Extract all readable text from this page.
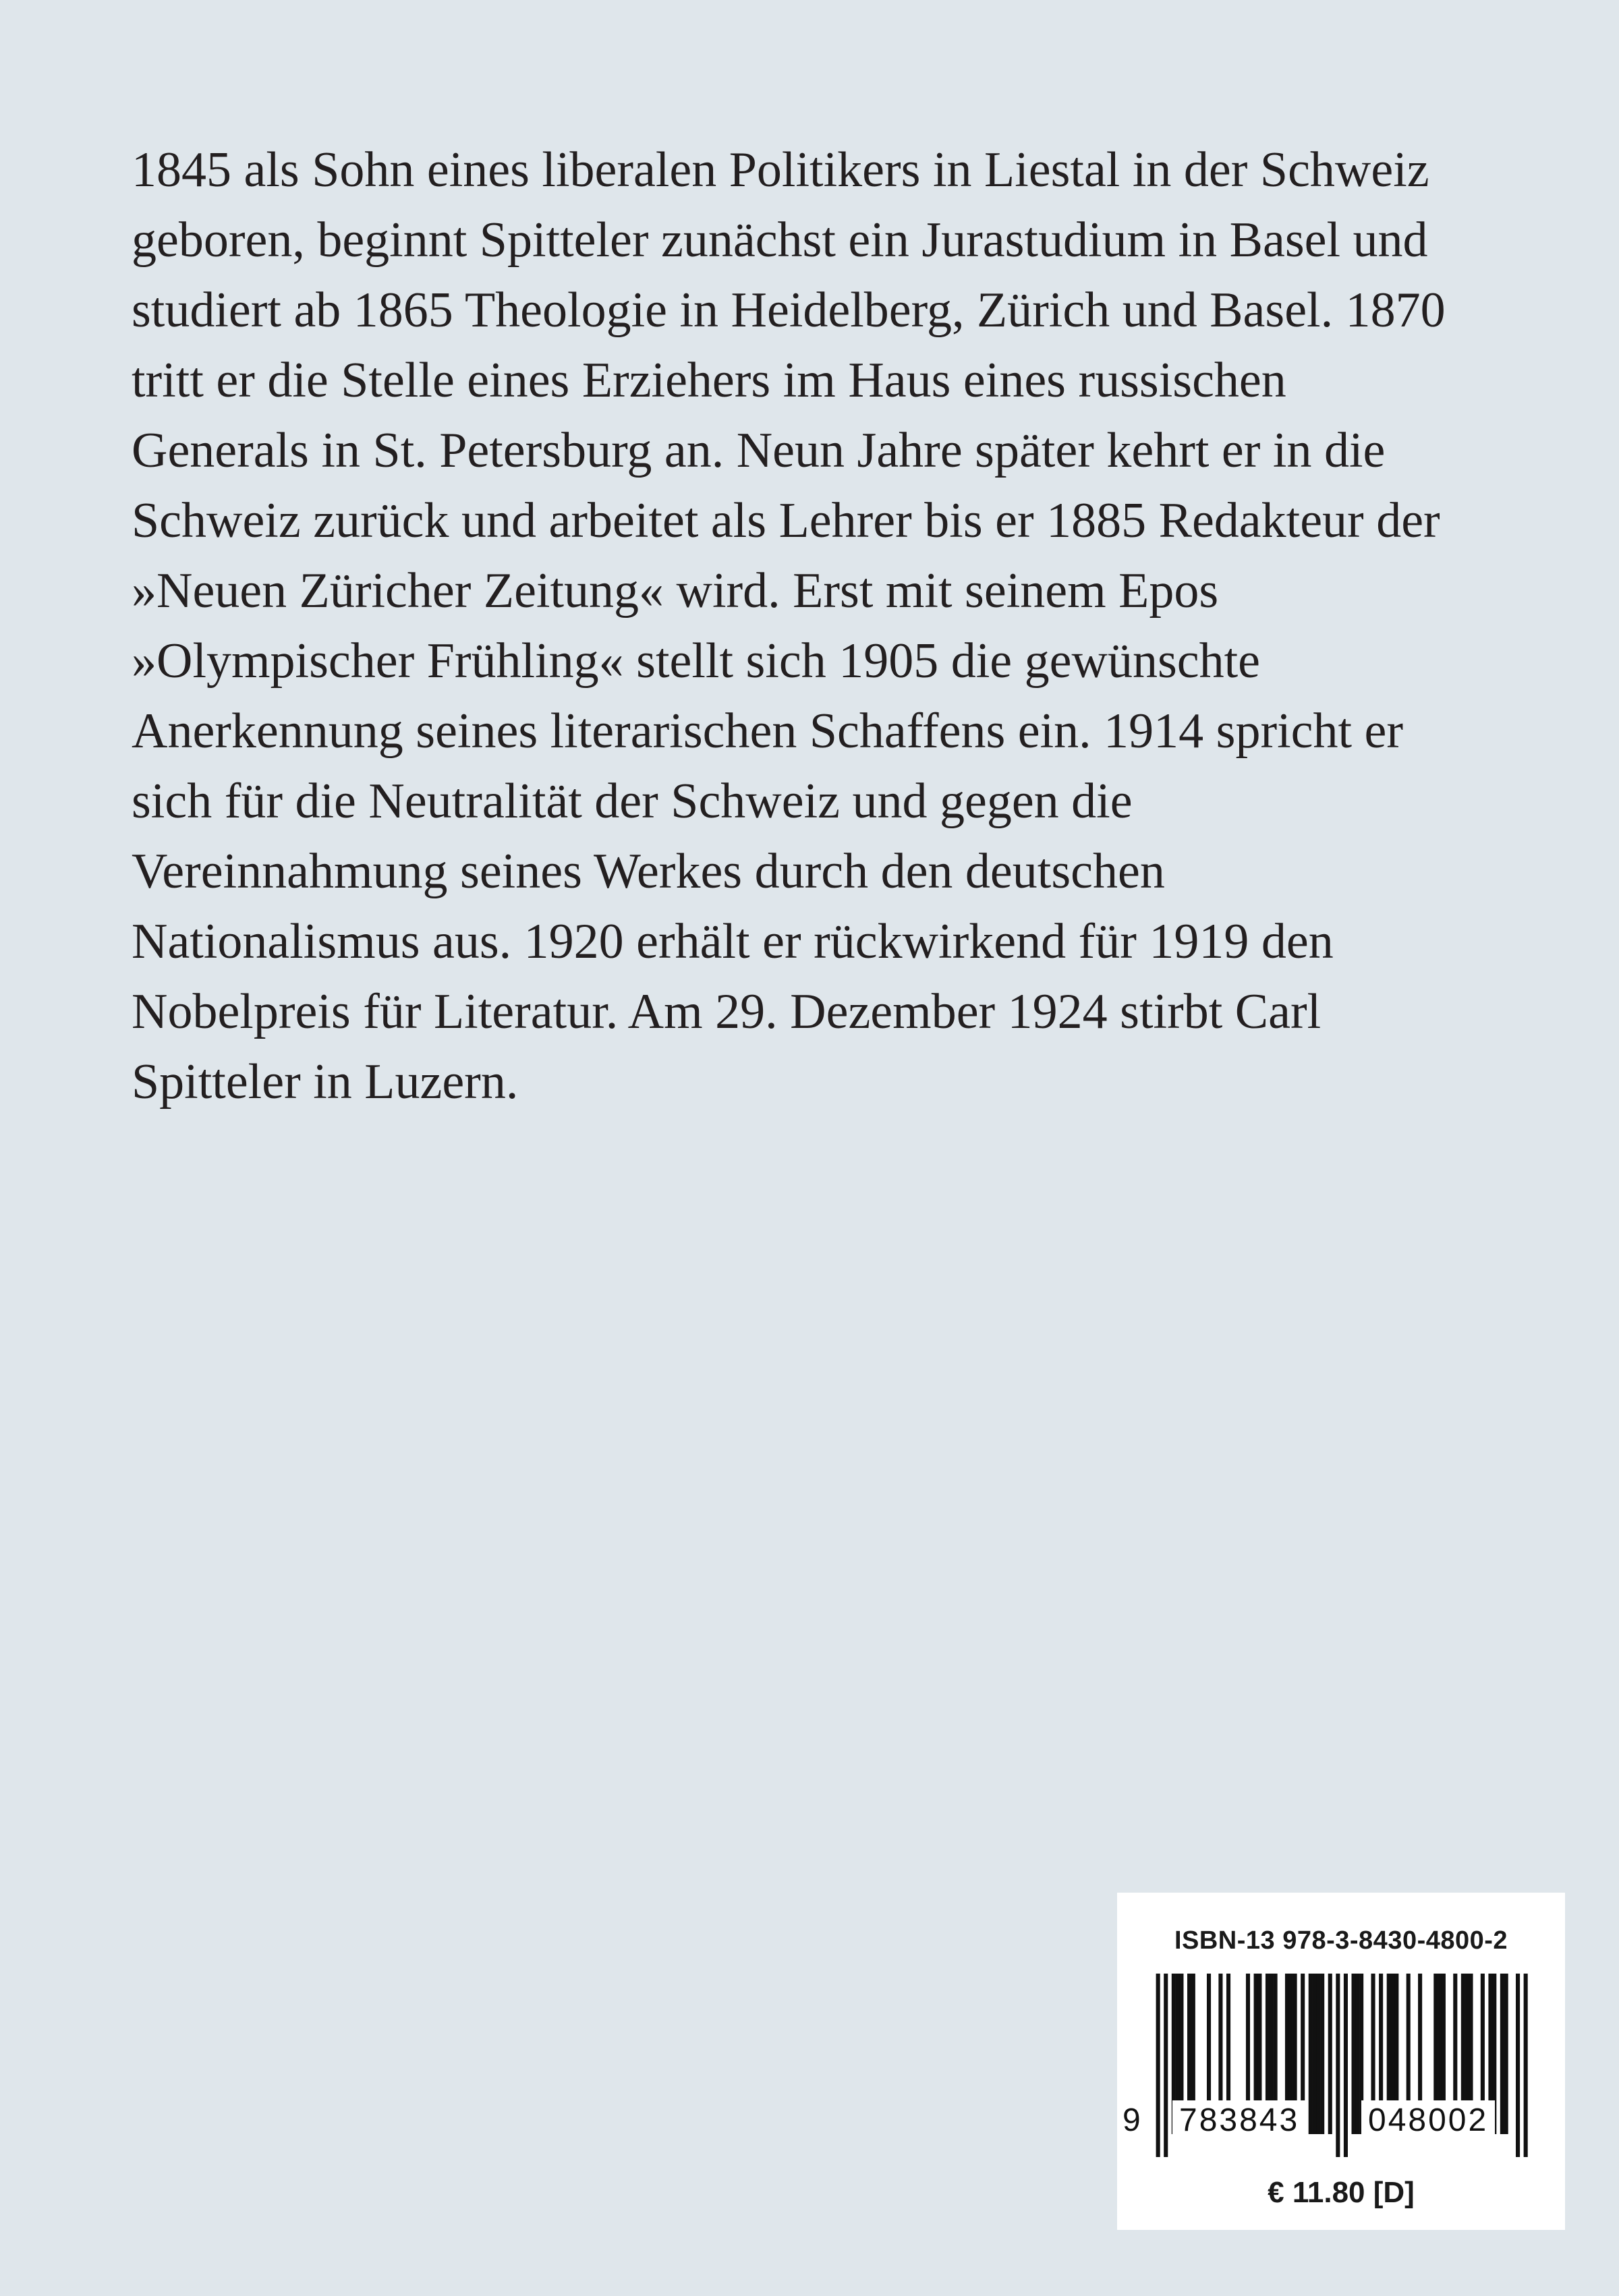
1845 als Sohn eines liberalen Politikers in Liestal in der Schweiz
geboren, beginnt Spitteler zunächst ein Jurastudium in Basel und
studiert ab 1865 Theologie in Heidelberg, Zürich und Basel. 1870
tritt er die Stelle eines Erziehers im Haus eines russischen
Generals in St. Petersburg an. Neun Jahre später kehrt er in die
Schweiz zurück und arbeitet als Lehrer bis er 1885 Redakteur der
»Neuen Züricher Zeitung« wird. Erst mit seinem Epos
»Olympischer Frühling« stellt sich 1905 die gewünschte
Anerkennung seines literarischen Schaffens ein. 1914 spricht er
sich für die Neutralität der Schweiz und gegen die
Vereinnahmung seines Werkes durch den deutschen
Nationalismus aus. 1920 erhält er rückwirkend für 1919 den
Nobelpreis für Literatur. Am 29. Dezember 1924 stirbt Carl
Spitteler in Luzern.
ISBN-13 978-3-8430-4800-2
9 783843 048002
€ 11.80 [D]
